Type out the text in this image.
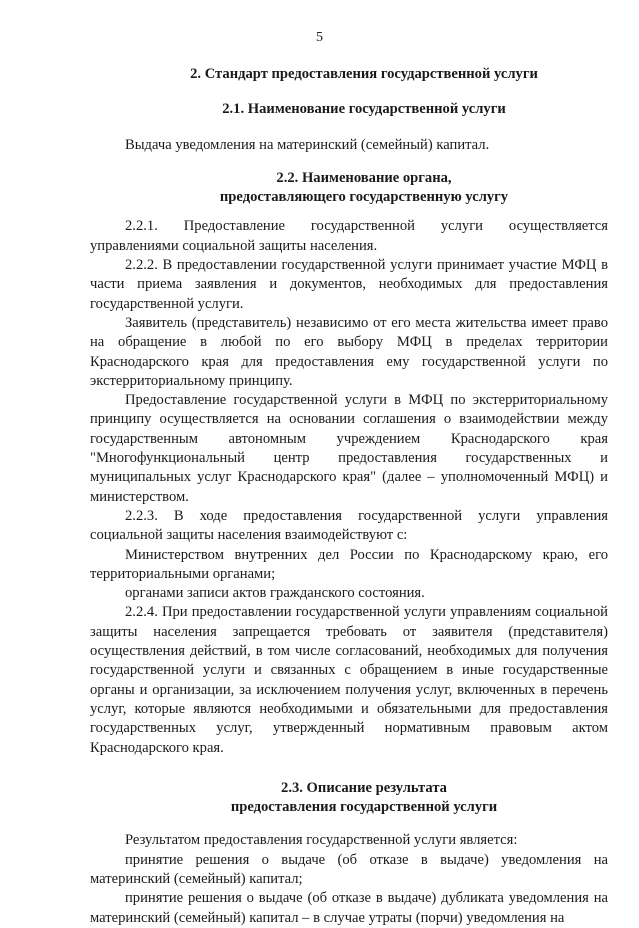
5
2. Стандарт предоставления государственной услуги
2.1. Наименование государственной услуги

Выдача уведомления на материнский (семейный) капитал.

2.2. Наименование органа,
предоставляющего государственную услугу

2.2.1. Предоставление государственной услуги осуществляется управлениями социальной защиты населения.

2.2.2. В предоставлении государственной услуги принимает участие МФЦ в части приема заявления и документов, необходимых для предоставления государственной услуги.

Заявитель (представитель) независимо от его места жительства имеет право на обращение в любой по его выбору МФЦ в пределах территории Краснодарского края для предоставления ему государственной услуги по экстерриториальному принципу.

Предоставление государственной услуги в МФЦ по экстерриториальному принципу осуществляется на основании соглашения о взаимодействии между государственным автономным учреждением Краснодарского края "Многофункциональный центр предоставления государственных и муниципальных услуг Краснодарского края" (далее – уполномоченный МФЦ) и министерством.

2.2.3. В ходе предоставления государственной услуги управления социальной защиты населения взаимодействуют с:

Министерством внутренних дел России по Краснодарскому краю, его территориальными органами;

органами записи актов гражданского состояния.

2.2.4. При предоставлении государственной услуги управлениям социальной защиты населения запрещается требовать от заявителя (представителя) осуществления действий, в том числе согласований, необходимых для получения государственной услуги и связанных с обращением в иные государственные органы и организации, за исключением получения услуг, включенных в перечень услуг, которые являются необходимыми и обязательными для предоставления государственных услуг, утвержденный нормативным правовым актом Краснодарского края.

2.3. Описание результата
предоставления государственной услуги

Результатом предоставления государственной услуги является:

принятие решения о выдаче (об отказе в выдаче) уведомления на материнский (семейный) капитал;

принятие решения о выдаче (об отказе в выдаче) дубликата уведомления на материнский (семейный) капитал – в случае утраты (порчи) уведомления на
